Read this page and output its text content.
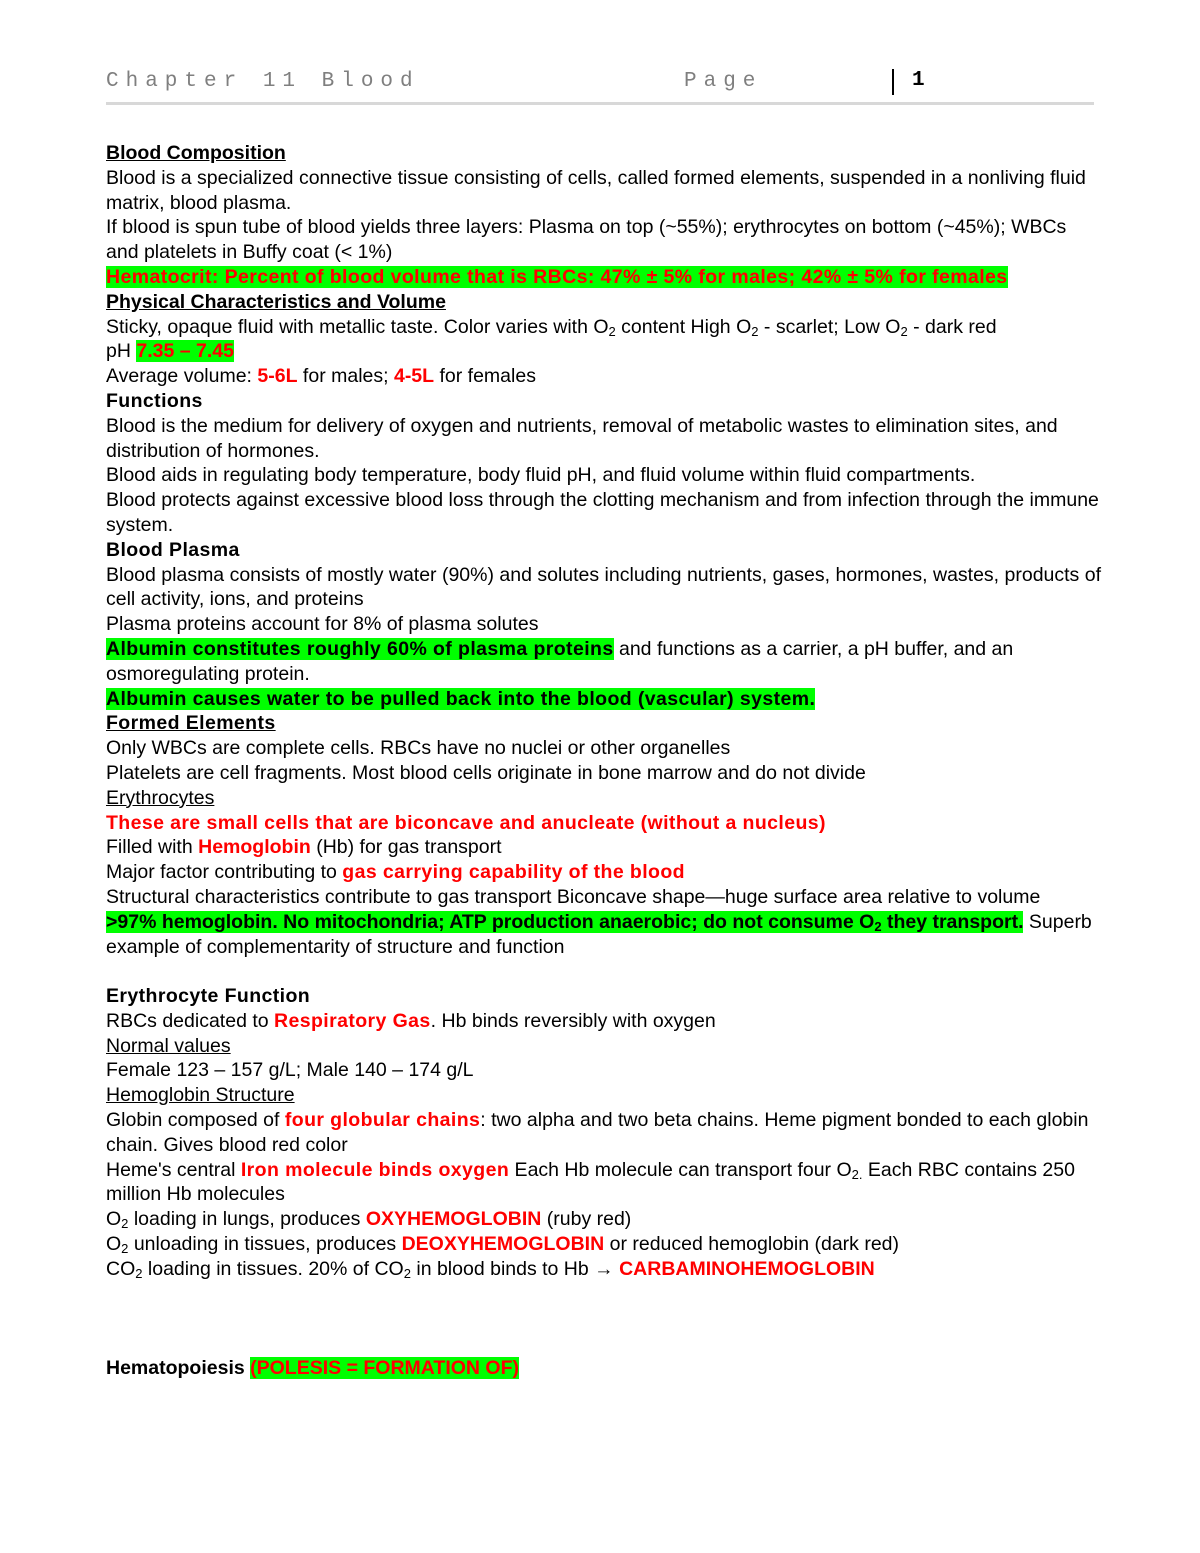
Chapter 11 Blood	Page	1

Blood Composition

Blood is a specialized connective tissue consisting of cells, called formed elements, suspended in a nonliving fluid matrix, blood plasma.

If blood is spun tube of blood yields three layers: Plasma on top (~55%); erythrocytes on bottom (~45%); WBCs and platelets in Buffy coat (< 1%)

Hematocrit: Percent of blood volume that is RBCs: 47% ± 5% for males; 42% ± 5% for females

Physical Characteristics and Volume

Sticky, opaque fluid with metallic taste. Color varies with $O_2$ content High $O_2$ - scarlet; Low $O_2$ - dark red

pH 7.35 – 7.45

Average volume: 5-6L for males; 4-5L for females

Functions

Blood is the medium for delivery of oxygen and nutrients, removal of metabolic wastes to elimination sites, and distribution of hormones.

Blood aids in regulating body temperature, body fluid pH, and fluid volume within fluid compartments.

Blood protects against excessive blood loss through the clotting mechanism and from infection through the immune system.

Blood Plasma

Blood plasma consists of mostly water (90%) and solutes including nutrients, gases, hormones, wastes, products of cell activity, ions, and proteins

Plasma proteins account for 8% of plasma solutes

Albumin constitutes roughly 60% of plasma proteins and functions as a carrier, a pH buffer, and an osmoregulating protein.

Albumin causes water to be pulled back into the blood (vascular) system.

Formed Elements

Only WBCs are complete cells. RBCs have no nuclei or other organelles

Platelets are cell fragments. Most blood cells originate in bone marrow and do not divide

Erythrocytes

These are small cells that are biconcave and anucleate (without a nucleus)

Filled with Hemoglobin (Hb) for gas transport

Major factor contributing to gas carrying capability of the blood

Structural characteristics contribute to gas transport Biconcave shape—huge surface area relative to volume

>97% hemoglobin. No mitochondria; ATP production anaerobic; do not consume $O_2$ they transport. Superb example of complementarity of structure and function

Erythrocyte Function

RBCs dedicated to Respiratory Gas. Hb binds reversibly with oxygen

Normal values

Female 123 – 157 g/L; Male 140 – 174 g/L

Hemoglobin Structure

Globin composed of four globular chains: two alpha and two beta chains. Heme pigment bonded to each globin chain. Gives blood red color

Heme's central Iron molecule binds oxygen Each Hb molecule can transport four $O_{2.}$ Each RBC contains 250 million Hb molecules

$O_2$ loading in lungs, produces OXYHEMOGLOBIN (ruby red)

$O_2$ unloading in tissues, produces DEOXYHEMOGLOBIN or reduced hemoglobin (dark red)

$CO_2$ loading in tissues. 20% of $CO_2$ in blood binds to Hb → CARBAMINOHEMOGLOBIN

Hematopoiesis (POLESIS = FORMATION OF)
